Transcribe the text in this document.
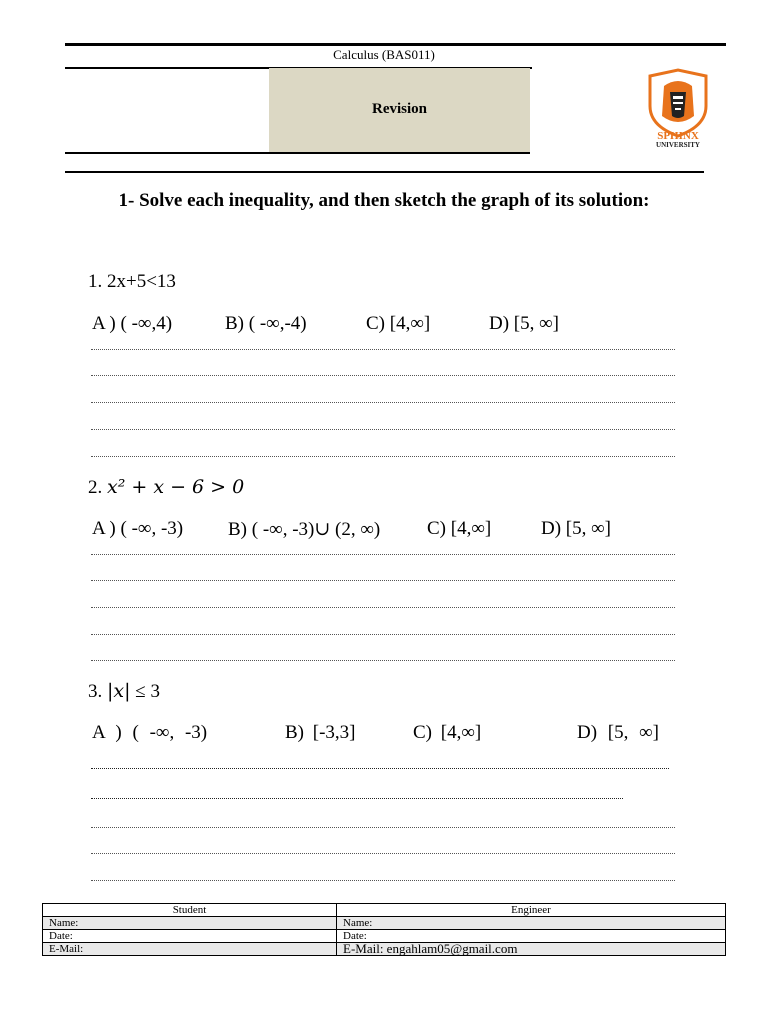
Calculus (BAS011)
Revision
SPHINX
UNIVERSITY
1- Solve each inequality, and then sketch the graph of its solution:
1. 2x+5<13
A ) ( -∞,4)	B) ( -∞,-4)	C) [4,∞]	D) [5, ∞]
2. x² + x − 6 > 0
A ) ( -∞, -3) B) ( -∞, -3)∪ (2, ∞) C) [4,∞]	D) [5, ∞]
3. |x| ≤ 3
A ) ( -∞, -3)	B) [-3,3]	C) [4,∞]	D) [5, ∞]
Student	Engineer
Name:	Name:
Date:	Date:
E-Mail:	E-Mail: engahlam05@gmail.com
